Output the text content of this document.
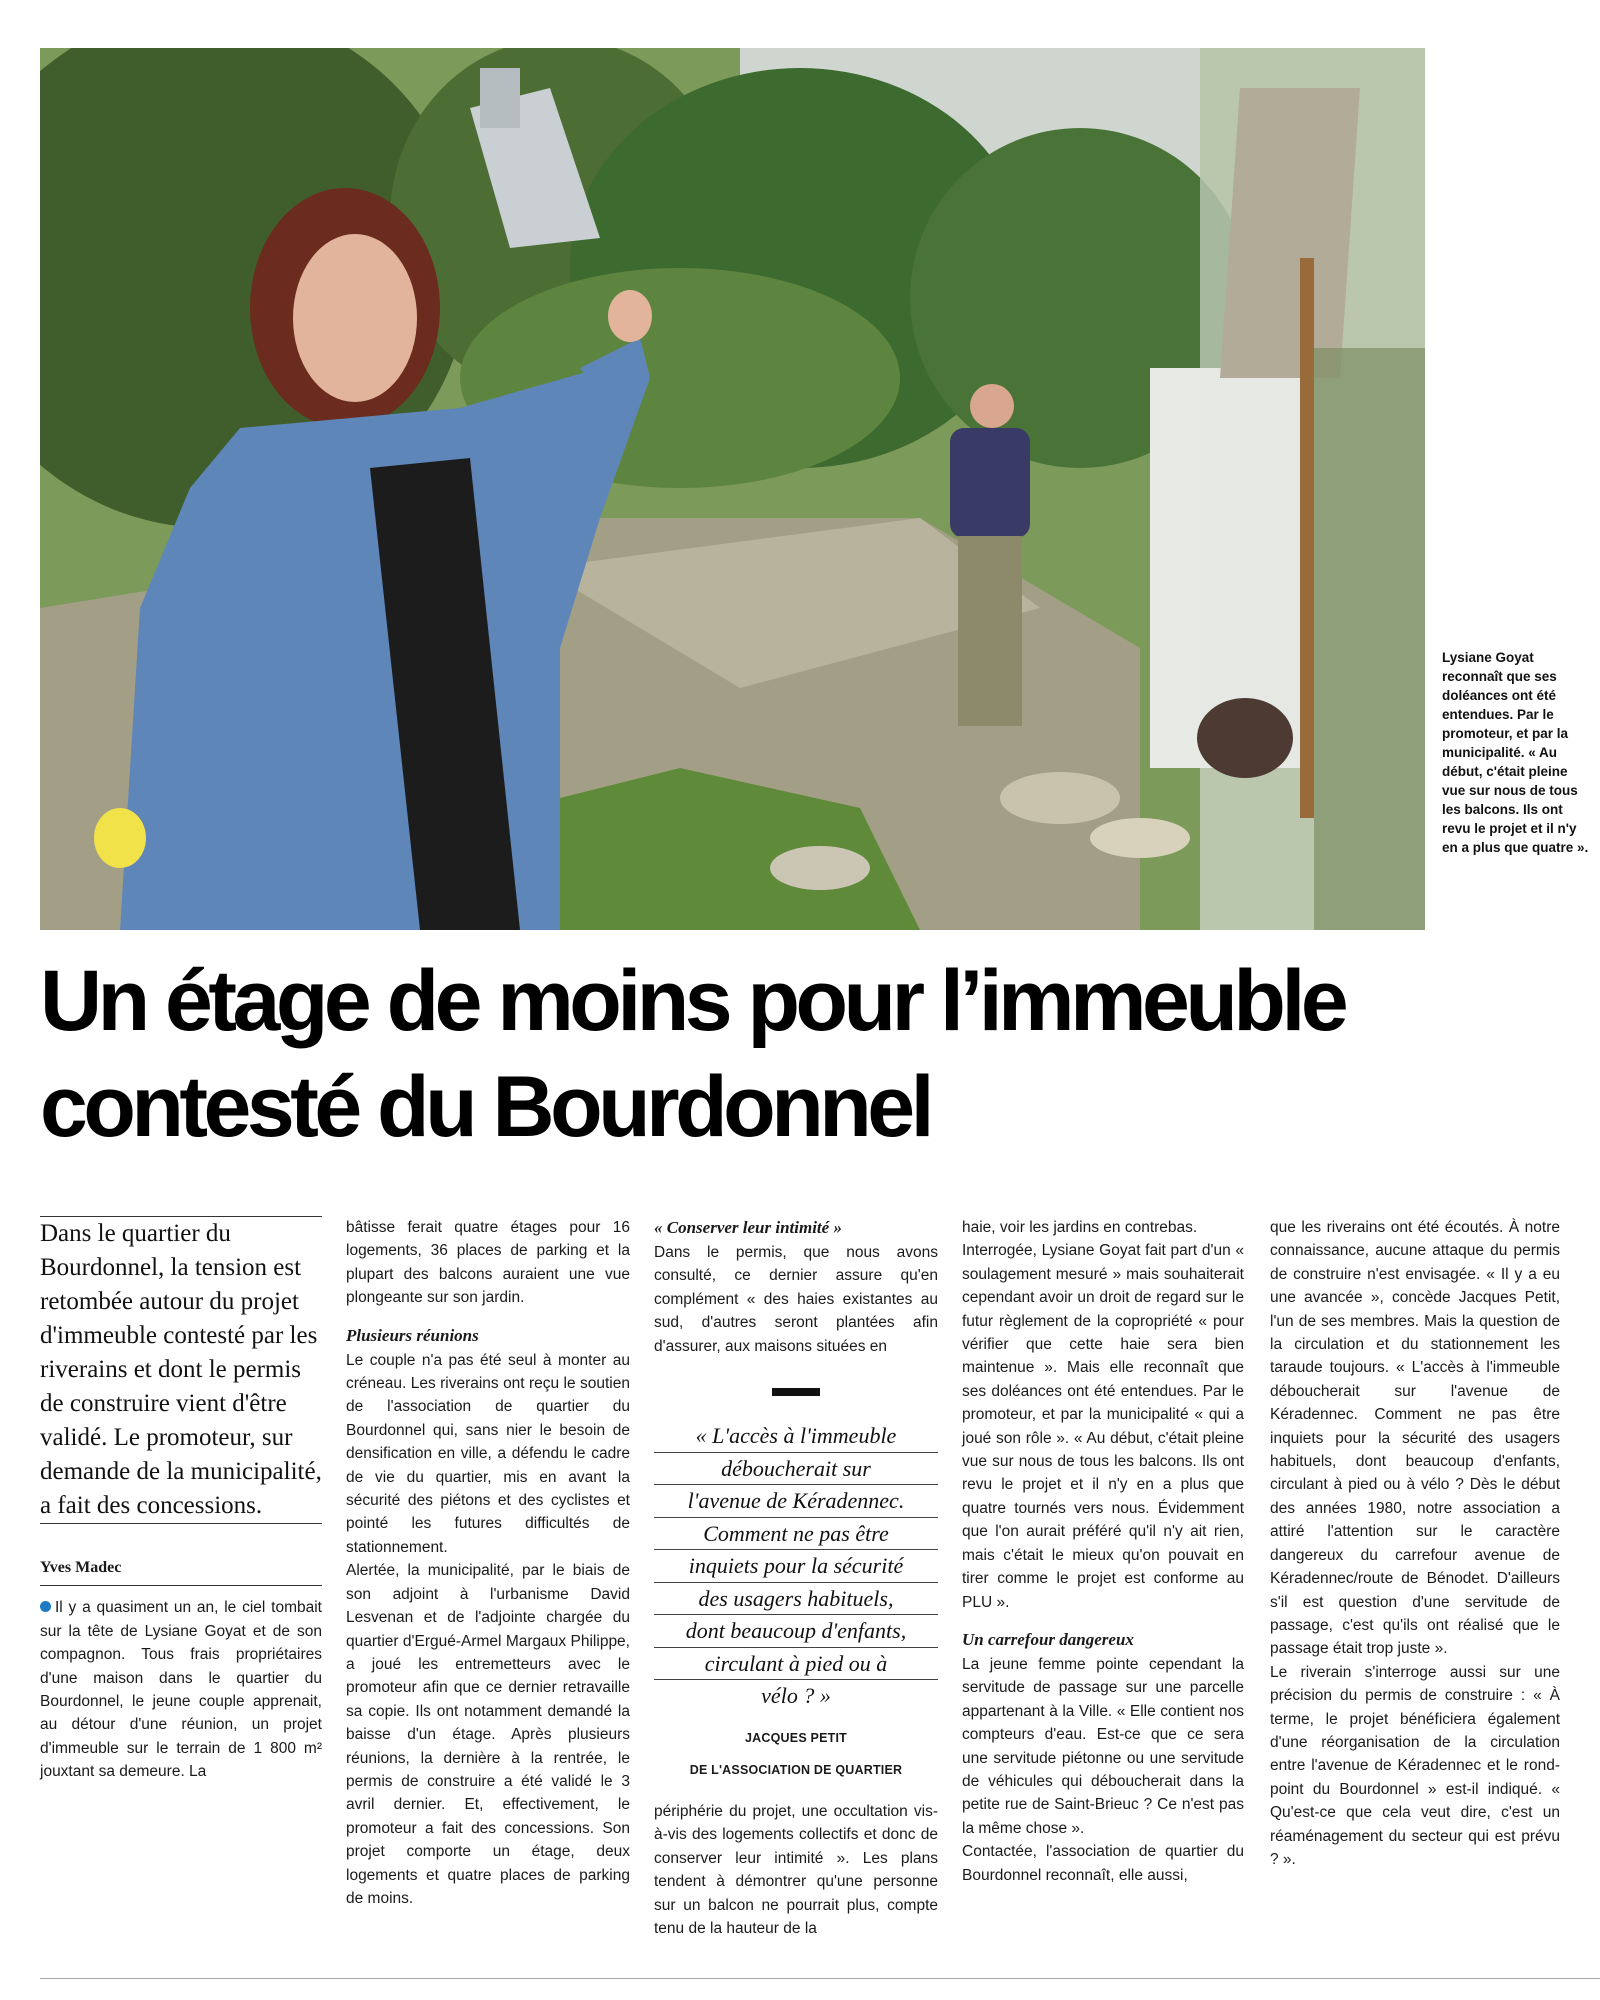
Lysiane Goyat reconnaît que ses doléances ont été entendues. Par le promoteur, et par la municipalité. « Au début, c'était pleine vue sur nous de tous les balcons. Ils ont revu le projet et il n'y en a plus que quatre ».
Un étage de moins pour l’immeuble
contesté du Bourdonnel

Dans le quartier du Bourdonnel, la tension est retombée autour du projet d'immeuble contesté par les riverains et dont le permis de construire vient d'être validé. Le promoteur, sur demande de la municipalité, a fait des concessions.

Yves Madec

Il y a quasiment un an, le ciel tombait sur la tête de Lysiane Goyat et de son compagnon. Tous frais propriétaires d'une maison dans le quartier du Bourdonnel, le jeune couple apprenait, au détour d'une réunion, un projet d'immeuble sur le terrain de 1 800 m² jouxtant sa demeure. La

bâtisse ferait quatre étages pour 16 logements, 36 places de parking et la plupart des balcons auraient une vue plongeante sur son jardin.

Plusieurs réunions

Le couple n'a pas été seul à monter au créneau. Les riverains ont reçu le soutien de l'association de quartier du Bourdonnel qui, sans nier le besoin de densification en ville, a défendu le cadre de vie du quartier, mis en avant la sécurité des piétons et des cyclistes et pointé les futures difficultés de stationnement.

Alertée, la municipalité, par le biais de son adjoint à l'urbanisme David Lesvenan et de l'adjointe chargée du quartier d'Ergué-Armel Margaux Philippe, a joué les entremetteurs avec le promoteur afin que ce dernier retravaille sa copie. Ils ont notamment demandé la baisse d'un étage. Après plusieurs réunions, la dernière à la rentrée, le permis de construire a été validé le 3 avril dernier. Et, effectivement, le promoteur a fait des concessions. Son projet comporte un étage, deux logements et quatre places de parking de moins.

« Conserver leur intimité »

Dans le permis, que nous avons consulté, ce dernier assure qu'en complément « des haies existantes au sud, d'autres seront plantées afin d'assurer, aux maisons situées en

« L'accès à l'immeuble
déboucherait sur
l'avenue de Kéradennec.
Comment ne pas être
inquiets pour la sécurité
des usagers habituels,
dont beaucoup d'enfants,
circulant à pied ou à
vélo ? »
JACQUES PETIT
DE L'ASSOCIATION DE QUARTIER

périphérie du projet, une occultation vis-à-vis des logements collectifs et donc de conserver leur intimité ». Les plans tendent à démontrer qu'une personne sur un balcon ne pourrait plus, compte tenu de la hauteur de la

haie, voir les jardins en contrebas.

Interrogée, Lysiane Goyat fait part d'un « soulagement mesuré » mais souhaiterait cependant avoir un droit de regard sur le futur règlement de la copropriété « pour vérifier que cette haie sera bien maintenue ». Mais elle reconnaît que ses doléances ont été entendues. Par le promoteur, et par la municipalité « qui a joué son rôle ». « Au début, c'était pleine vue sur nous de tous les balcons. Ils ont revu le projet et il n'y en a plus que quatre tournés vers nous. Évidemment que l'on aurait préféré qu'il n'y ait rien, mais c'était le mieux qu'on pouvait en tirer comme le projet est conforme au PLU ».

Un carrefour dangereux

La jeune femme pointe cependant la servitude de passage sur une parcelle appartenant à la Ville. « Elle contient nos compteurs d'eau. Est-ce que ce sera une servitude piétonne ou une servitude de véhicules qui déboucherait dans la petite rue de Saint-Brieuc ? Ce n'est pas la même chose ».

Contactée, l'association de quartier du Bourdonnel reconnaît, elle aussi,

que les riverains ont été écoutés. À notre connaissance, aucune attaque du permis de construire n'est envisagée. « Il y a eu une avancée », concède Jacques Petit, l'un de ses membres. Mais la question de la circulation et du stationnement les taraude toujours. « L'accès à l'immeuble déboucherait sur l'avenue de Kéradennec. Comment ne pas être inquiets pour la sécurité des usagers habituels, dont beaucoup d'enfants, circulant à pied ou à vélo ? Dès le début des années 1980, notre association a attiré l'attention sur le caractère dangereux du carrefour avenue de Kéradennec/route de Bénodet. D'ailleurs s'il est question d'une servitude de passage, c'est qu'ils ont réalisé que le passage était trop juste ».

Le riverain s'interroge aussi sur une précision du permis de construire : « À terme, le projet bénéficiera également d'une réorganisation de la circulation entre l'avenue de Kéradennec et le rond-point du Bourdonnel » est-il indiqué. « Qu'est-ce que cela veut dire, c'est un réaménagement du secteur qui est prévu ? ».
